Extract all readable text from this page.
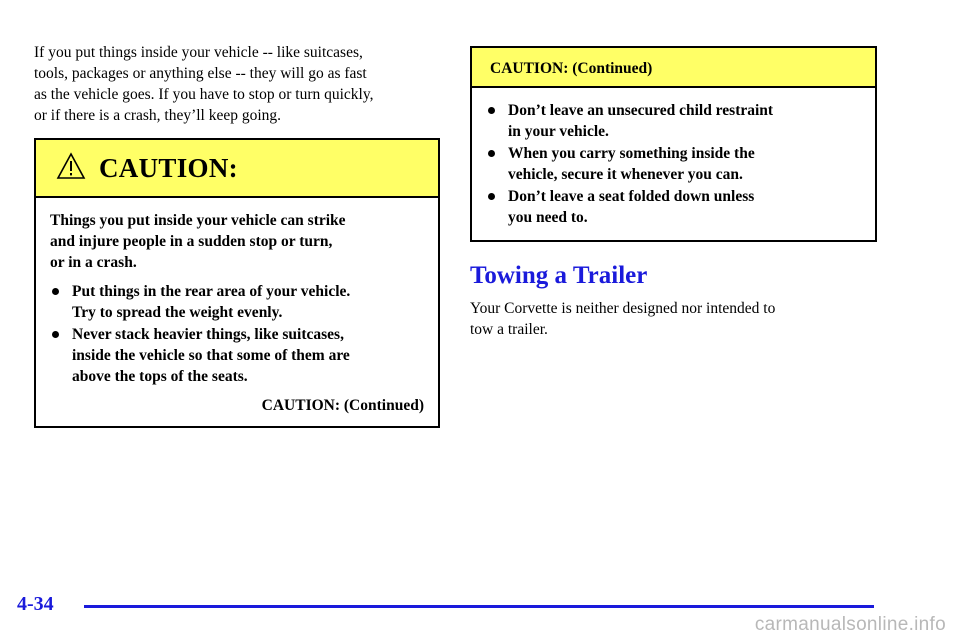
If you put things inside your vehicle -- like suitcases,
tools, packages or anything else -- they will go as fast
as the vehicle goes. If you have to stop or turn quickly,
or if there is a crash, they’ll keep going.

CAUTION:

Things you put inside your vehicle can strike
and injure people in a sudden stop or turn,
or in a crash.

Put things in the rear area of your vehicle.
Try to spread the weight evenly.
Never stack heavier things, like suitcases,
inside the vehicle so that some of them are
above the tops of the seats.
CAUTION: (Continued)
CAUTION: (Continued)
Don’t leave an unsecured child restraint
in your vehicle.
When you carry something inside the
vehicle, secure it whenever you can.
Don’t leave a seat folded down unless
you need to.
Towing a Trailer

Your Corvette is neither designed nor intended to
tow a trailer.

4-34
carmanualsonline.info
